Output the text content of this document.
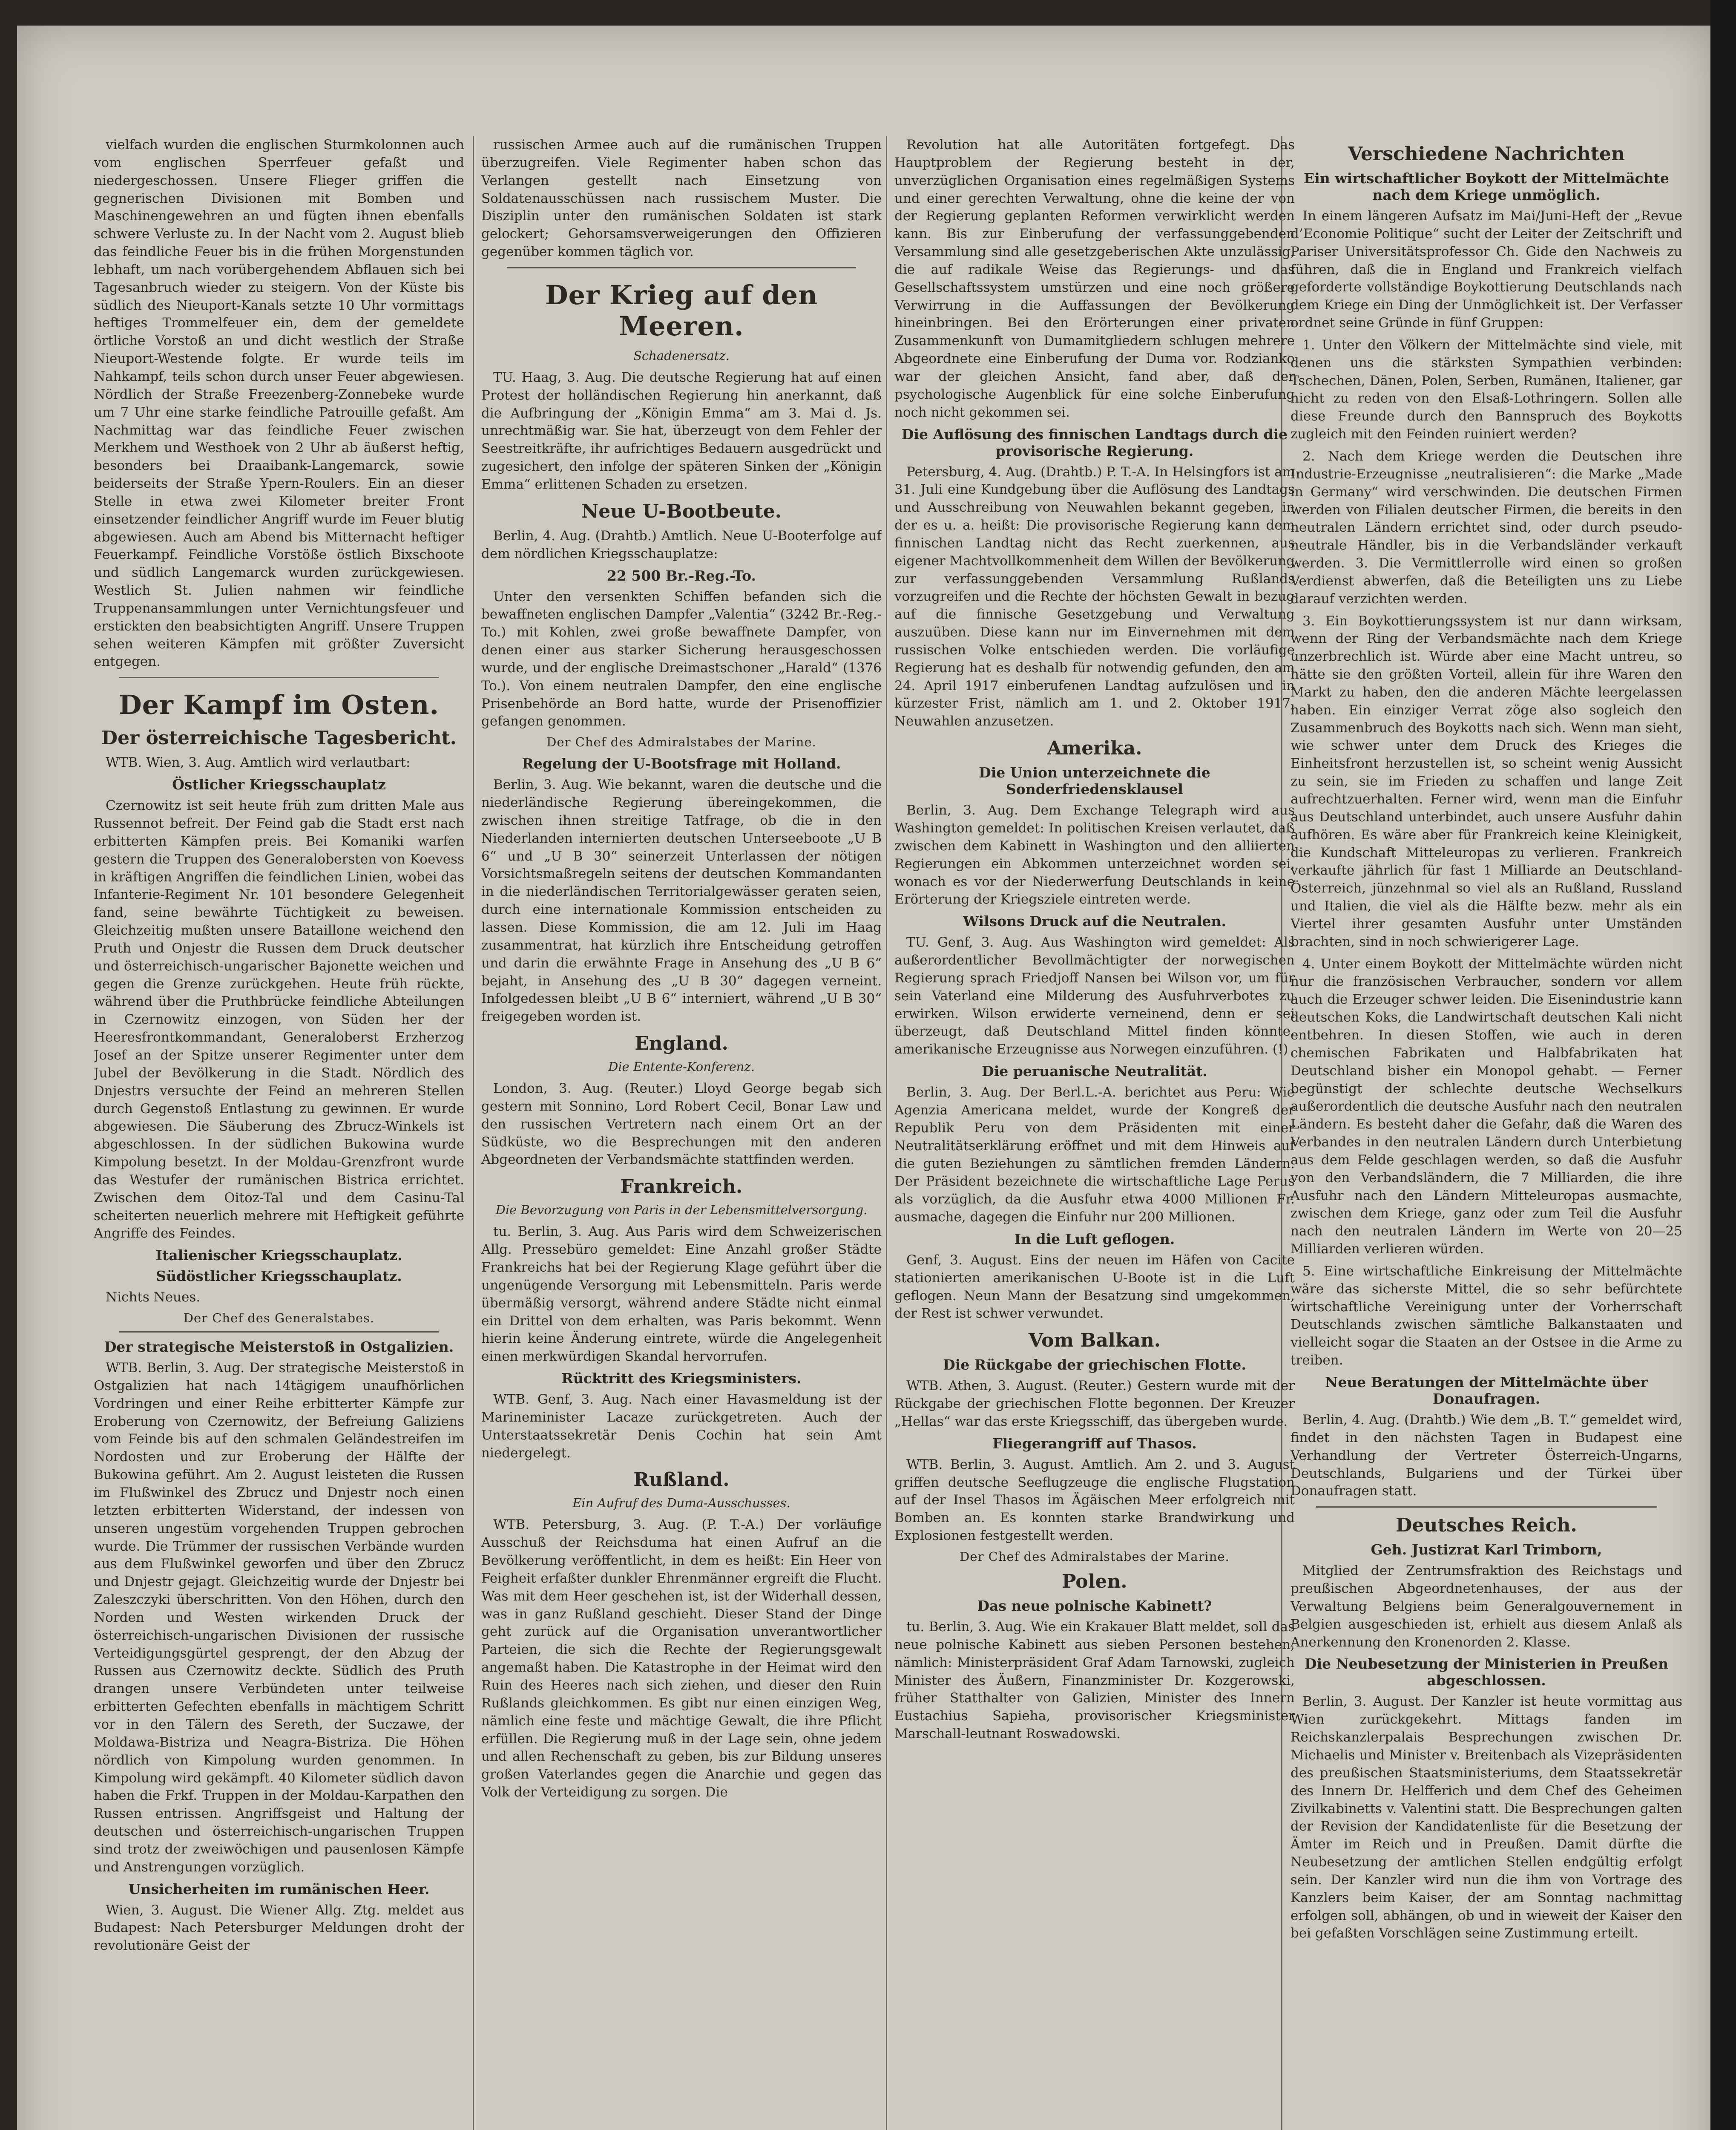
vielfach wurden die englischen Sturmkolonnen auch vom englischen Sperrfeuer gefaßt und niedergeschossen. Unsere Flieger griffen die gegnerischen Divisionen mit Bomben und Maschinengewehren an und fügten ihnen ebenfalls schwere Verluste zu. In der Nacht vom 2. August blieb das feindliche Feuer bis in die frühen Morgenstunden lebhaft, um nach vorübergehendem Abflauen sich bei Tagesanbruch wieder zu steigern. Von der Küste bis südlich des Nieuport-Kanals setzte 10 Uhr vormittags heftiges Trommelfeuer ein, dem der gemeldete örtliche Vorstoß an und dicht westlich der Straße Nieuport-Westende folgte. Er wurde teils im Nahkampf, teils schon durch unser Feuer abgewiesen. Nördlich der Straße Freezenberg-Zonnebeke wurde um 7 Uhr eine starke feindliche Patrouille gefaßt. Am Nachmittag war das feindliche Feuer zwischen Merkhem und Westhoek von 2 Uhr ab äußerst heftig, besonders bei Draaibank-Langemarck, sowie beiderseits der Straße Ypern-Roulers. Ein an dieser Stelle in etwa zwei Kilometer breiter Front einsetzender feindlicher Angriff wurde im Feuer blutig abgewiesen. Auch am Abend bis Mitternacht heftiger Feuerkampf. Feindliche Vorstöße östlich Bixschoote und südlich Langemarck wurden zurückgewiesen. Westlich St. Julien nahmen wir feindliche Truppenansammlungen unter Vernichtungsfeuer und erstickten den beabsichtigten Angriff. Unsere Truppen sehen weiteren Kämpfen mit größter Zuversicht entgegen.

Der Kampf im Osten.
Der österreichische Tagesbericht.

WTB. Wien, 3. Aug. Amtlich wird verlautbart:

Östlicher Kriegsschauplatz

Czernowitz ist seit heute früh zum dritten Male aus Russennot befreit. Der Feind gab die Stadt erst nach erbitterten Kämpfen preis. Bei Komaniki warfen gestern die Truppen des Generalobersten von Koevess in kräftigen Angriffen die feindlichen Linien, wobei das Infanterie-Regiment Nr. 101 besondere Gelegenheit fand, seine bewährte Tüchtigkeit zu beweisen. Gleichzeitig mußten unsere Bataillone weichend den Pruth und Onjestr die Russen dem Druck deutscher und österreichisch-ungarischer Bajonette weichen und gegen die Grenze zurückgehen. Heute früh rückte, während über die Pruthbrücke feindliche Abteilungen in Czernowitz einzogen, von Süden her der Heeresfrontkommandant, Generaloberst Erzherzog Josef an der Spitze unserer Regimenter unter dem Jubel der Bevölkerung in die Stadt. Nördlich des Dnjestrs versuchte der Feind an mehreren Stellen durch Gegenstoß Entlastung zu gewinnen. Er wurde abgewiesen. Die Säuberung des Zbrucz-Winkels ist abgeschlossen. In der südlichen Bukowina wurde Kimpolung besetzt. In der Moldau-Grenzfront wurde das Westufer der rumänischen Bistrica errichtet. Zwischen dem Oitoz-Tal und dem Casinu-Tal scheiterten neuerlich mehrere mit Heftigkeit geführte Angriffe des Feindes.

Italienischer Kriegsschauplatz.
Südöstlicher Kriegsschauplatz.

Nichts Neues.

Der Chef des Generalstabes.
Der strategische Meisterstoß in Ostgalizien.

WTB. Berlin, 3. Aug. Der strategische Meisterstoß in Ostgalizien hat nach 14tägigem unaufhörlichen Vordringen und einer Reihe erbitterter Kämpfe zur Eroberung von Czernowitz, der Befreiung Galiziens vom Feinde bis auf den schmalen Geländestreifen im Nordosten und zur Eroberung der Hälfte der Bukowina geführt. Am 2. August leisteten die Russen im Flußwinkel des Zbrucz und Dnjestr noch einen letzten erbitterten Widerstand, der indessen von unseren ungestüm vorgehenden Truppen gebrochen wurde. Die Trümmer der russischen Verbände wurden aus dem Flußwinkel geworfen und über den Zbrucz und Dnjestr gejagt. Gleichzeitig wurde der Dnjestr bei Zaleszczyki überschritten. Von den Höhen, durch den Norden und Westen wirkenden Druck der österreichisch-ungarischen Divisionen der russische Verteidigungsgürtel gesprengt, der den Abzug der Russen aus Czernowitz deckte. Südlich des Pruth drangen unsere Verbündeten unter teilweise erbitterten Gefechten ebenfalls in mächtigem Schritt vor in den Tälern des Sereth, der Suczawe, der Moldawa-Bistriza und Neagra-Bistriza. Die Höhen nördlich von Kimpolung wurden genommen. In Kimpolung wird gekämpft. 40 Kilometer südlich davon haben die Frkf. Truppen in der Moldau-Karpathen den Russen entrissen. Angriffsgeist und Haltung der deutschen und österreichisch-ungarischen Truppen sind trotz der zweiwöchigen und pausenlosen Kämpfe und Anstrengungen vorzüglich.

Unsicherheiten im rumänischen Heer.

Wien, 3. August. Die Wiener Allg. Ztg. meldet aus Budapest: Nach Petersburger Meldungen droht der revolutionäre Geist der

russischen Armee auch auf die rumänischen Truppen überzugreifen. Viele Regimenter haben schon das Verlangen gestellt nach Einsetzung von Soldatenausschüssen nach russischem Muster. Die Disziplin unter den rumänischen Soldaten ist stark gelockert; Gehorsamsverweigerungen den Offizieren gegenüber kommen täglich vor.

Der Krieg auf den Meeren.
Schadenersatz.

TU. Haag, 3. Aug. Die deutsche Regierung hat auf einen Protest der holländischen Regierung hin anerkannt, daß die Aufbringung der „Königin Emma“ am 3. Mai d. Js. unrechtmäßig war. Sie hat, überzeugt von dem Fehler der Seestreitkräfte, ihr aufrichtiges Bedauern ausgedrückt und zugesichert, den infolge der späteren Sinken der „Königin Emma“ erlittenen Schaden zu ersetzen.

Neue U-Bootbeute.

Berlin, 4. Aug. (Drahtb.) Amtlich. Neue U-Booterfolge auf dem nördlichen Kriegsschauplatze:

22 500 Br.-Reg.-To.

Unter den versenkten Schiffen befanden sich die bewaffneten englischen Dampfer „Valentia“ (3242 Br.-Reg.-To.) mit Kohlen, zwei große bewaffnete Dampfer, von denen einer aus starker Sicherung herausgeschossen wurde, und der englische Dreimastschoner „Harald“ (1376 To.). Von einem neutralen Dampfer, den eine englische Prisenbehörde an Bord hatte, wurde der Prisenoffizier gefangen genommen.

Der Chef des Admiralstabes der Marine.
Regelung der U-Bootsfrage mit Holland.

Berlin, 3. Aug. Wie bekannt, waren die deutsche und die niederländische Regierung übereingekommen, die zwischen ihnen streitige Tatfrage, ob die in den Niederlanden internierten deutschen Unterseeboote „U B 6“ und „U B 30“ seinerzeit Unterlassen der nötigen Vorsichtsmaßregeln seitens der deutschen Kommandanten in die niederländischen Territorialgewässer geraten seien, durch eine internationale Kommission entscheiden zu lassen. Diese Kommission, die am 12. Juli im Haag zusammentrat, hat kürzlich ihre Entscheidung getroffen und darin die erwähnte Frage in Ansehung des „U B 6“ bejaht, in Ansehung des „U B 30“ dagegen verneint. Infolgedessen bleibt „U B 6“ interniert, während „U B 30“ freigegeben worden ist.

England.
Die Entente-Konferenz.

London, 3. Aug. (Reuter.) Lloyd George begab sich gestern mit Sonnino, Lord Robert Cecil, Bonar Law und den russischen Vertretern nach einem Ort an der Südküste, wo die Besprechungen mit den anderen Abgeordneten der Verbandsmächte stattfinden werden.

Frankreich.
Die Bevorzugung von Paris in der Lebensmittelversorgung.

tu. Berlin, 3. Aug. Aus Paris wird dem Schweizerischen Allg. Pressebüro gemeldet: Eine Anzahl großer Städte Frankreichs hat bei der Regierung Klage geführt über die ungenügende Versorgung mit Lebensmitteln. Paris werde übermäßig versorgt, während andere Städte nicht einmal ein Drittel von dem erhalten, was Paris bekommt. Wenn hierin keine Änderung eintrete, würde die Angelegenheit einen merkwürdigen Skandal hervorrufen.

Rücktritt des Kriegsministers.

WTB. Genf, 3. Aug. Nach einer Havasmeldung ist der Marineminister Lacaze zurückgetreten. Auch der Unterstaatssekretär Denis Cochin hat sein Amt niedergelegt.

Rußland.
Ein Aufruf des Duma-Ausschusses.

WTB. Petersburg, 3. Aug. (P. T.-A.) Der vorläufige Ausschuß der Reichsduma hat einen Aufruf an die Bevölkerung veröffentlicht, in dem es heißt: Ein Heer von Feigheit erfaßter dunkler Ehrenmänner ergreift die Flucht. Was mit dem Heer geschehen ist, ist der Widerhall dessen, was in ganz Rußland geschieht. Dieser Stand der Dinge geht zurück auf die Organisation unverantwortlicher Parteien, die sich die Rechte der Regierungsgewalt angemaßt haben. Die Katastrophe in der Heimat wird den Ruin des Heeres nach sich ziehen, und dieser den Ruin Rußlands gleichkommen. Es gibt nur einen einzigen Weg, nämlich eine feste und mächtige Gewalt, die ihre Pflicht erfüllen. Die Regierung muß in der Lage sein, ohne jedem und allen Rechenschaft zu geben, bis zur Bildung unseres großen Vaterlandes gegen die Anarchie und gegen das Volk der Verteidigung zu sorgen. Die

Revolution hat alle Autoritäten fortgefegt. Das Hauptproblem der Regierung besteht in der, unverzüglichen Organisation eines regelmäßigen Systems und einer gerechten Verwaltung, ohne die keine der von der Regierung geplanten Reformen verwirklicht werden kann. Bis zur Einberufung der verfassunggebenden Versammlung sind alle gesetzgeberischen Akte unzulässig, die auf radikale Weise das Regierungs- und das Gesellschaftssystem umstürzen und eine noch größere Verwirrung in die Auffassungen der Bevölkerung hineinbringen. Bei den Erörterungen einer privaten Zusammenkunft von Dumamitgliedern schlugen mehrere Abgeordnete eine Einberufung der Duma vor. Rodzianko war der gleichen Ansicht, fand aber, daß der psychologische Augenblick für eine solche Einberufung noch nicht gekommen sei.

Die Auflösung des finnischen Landtags durch die provisorische Regierung.

Petersburg, 4. Aug. (Drahtb.) P. T.-A. In Helsingfors ist am 31. Juli eine Kundgebung über die Auflösung des Landtags und Ausschreibung von Neuwahlen bekannt gegeben, in der es u. a. heißt: Die provisorische Regierung kann dem finnischen Landtag nicht das Recht zuerkennen, aus eigener Machtvollkommenheit dem Willen der Bevölkerung zur verfassunggebenden Versammlung Rußlands vorzugreifen und die Rechte der höchsten Gewalt in bezug auf die finnische Gesetzgebung und Verwaltung auszuüben. Diese kann nur im Einvernehmen mit dem russischen Volke entschieden werden. Die vorläufige Regierung hat es deshalb für notwendig gefunden, den am 24. April 1917 einberufenen Landtag aufzulösen und in kürzester Frist, nämlich am 1. und 2. Oktober 1917, Neuwahlen anzusetzen.

Amerika.
Die Union unterzeichnete die Sonderfriedensklausel

Berlin, 3. Aug. Dem Exchange Telegraph wird aus Washington gemeldet: In politischen Kreisen verlautet, daß zwischen dem Kabinett in Washington und den alliierten Regierungen ein Abkommen unterzeichnet worden sei, wonach es vor der Niederwerfung Deutschlands in keine Erörterung der Kriegsziele eintreten werde.

Wilsons Druck auf die Neutralen.

TU. Genf, 3. Aug. Aus Washington wird gemeldet: Als außerordentlicher Bevollmächtigter der norwegischen Regierung sprach Friedjoff Nansen bei Wilson vor, um für sein Vaterland eine Milderung des Ausfuhrverbotes zu erwirken. Wilson erwiderte verneinend, denn er sei überzeugt, daß Deutschland Mittel finden könnte, amerikanische Erzeugnisse aus Norwegen einzuführen. (!)

Die peruanische Neutralität.

Berlin, 3. Aug. Der Berl.L.-A. berichtet aus Peru: Wie Agenzia Americana meldet, wurde der Kongreß der Republik Peru von dem Präsidenten mit einer Neutralitätserklärung eröffnet und mit dem Hinweis auf die guten Beziehungen zu sämtlichen fremden Ländern. Der Präsident bezeichnete die wirtschaftliche Lage Perus als vorzüglich, da die Ausfuhr etwa 4000 Millionen Fr. ausmache, dagegen die Einfuhr nur 200 Millionen.

In die Luft geflogen.

Genf, 3. August. Eins der neuen im Häfen von Cacite stationierten amerikanischen U-Boote ist in die Luft geflogen. Neun Mann der Besatzung sind umgekommen, der Rest ist schwer verwundet.

Vom Balkan.
Die Rückgabe der griechischen Flotte.

WTB. Athen, 3. August. (Reuter.) Gestern wurde mit der Rückgabe der griechischen Flotte begonnen. Der Kreuzer „Hellas“ war das erste Kriegsschiff, das übergeben wurde.

Fliegerangriff auf Thasos.

WTB. Berlin, 3. August. Amtlich. Am 2. und 3. August griffen deutsche Seeflugzeuge die englische Flugstation auf der Insel Thasos im Ägäischen Meer erfolgreich mit Bomben an. Es konnten starke Brandwirkung und Explosionen festgestellt werden.

Der Chef des Admiralstabes der Marine.
Polen.
Das neue polnische Kabinett?

tu. Berlin, 3. Aug. Wie ein Krakauer Blatt meldet, soll das neue polnische Kabinett aus sieben Personen bestehen, nämlich: Ministerpräsident Graf Adam Tarnowski, zugleich Minister des Äußern, Finanzminister Dr. Kozgerowski, früher Statthalter von Galizien, Minister des Innern Eustachius Sapieha, provisorischer Kriegsminister Marschall-leutnant Roswadowski.

Verschiedene Nachrichten
Ein wirtschaftlicher Boykott der Mittelmächte nach dem Kriege unmöglich.

In einem längeren Aufsatz im Mai/Juni-Heft der „Revue d’Economie Politique“ sucht der Leiter der Zeitschrift und Pariser Universitätsprofessor Ch. Gide den Nachweis zu führen, daß die in England und Frankreich vielfach geforderte vollständige Boykottierung Deutschlands nach dem Kriege ein Ding der Unmöglichkeit ist. Der Verfasser ordnet seine Gründe in fünf Gruppen:

1. Unter den Völkern der Mittelmächte sind viele, mit denen uns die stärksten Sympathien verbinden: Tschechen, Dänen, Polen, Serben, Rumänen, Italiener, gar nicht zu reden von den Elsaß-Lothringern. Sollen alle diese Freunde durch den Bannspruch des Boykotts zugleich mit den Feinden ruiniert werden?

2. Nach dem Kriege werden die Deutschen ihre Industrie-Erzeugnisse „neutralisieren“: die Marke „Made in Germany“ wird verschwinden. Die deutschen Firmen werden von Filialen deutscher Firmen, die bereits in den neutralen Ländern errichtet sind, oder durch pseudo-neutrale Händler, bis in die Verbandsländer verkauft werden. 3. Die Vermittlerrolle wird einen so großen Verdienst abwerfen, daß die Beteiligten uns zu Liebe darauf verzichten werden.

3. Ein Boykottierungssystem ist nur dann wirksam, wenn der Ring der Verbandsmächte nach dem Kriege unzerbrechlich ist. Würde aber eine Macht untreu, so hätte sie den größten Vorteil, allein für ihre Waren den Markt zu haben, den die anderen Mächte leergelassen haben. Ein einziger Verrat zöge also sogleich den Zusammenbruch des Boykotts nach sich. Wenn man sieht, wie schwer unter dem Druck des Krieges die Einheitsfront herzustellen ist, so scheint wenig Aussicht zu sein, sie im Frieden zu schaffen und lange Zeit aufrechtzuerhalten. Ferner wird, wenn man die Einfuhr aus Deutschland unterbindet, auch unsere Ausfuhr dahin aufhören. Es wäre aber für Frankreich keine Kleinigkeit, die Kundschaft Mitteleuropas zu verlieren. Frankreich verkaufte jährlich für fast 1 Milliarde an Deutschland-Österreich, jünzehnmal so viel als an Rußland, Russland und Italien, die viel als die Hälfte bezw. mehr als ein Viertel ihrer gesamten Ausfuhr unter Umständen brachten, sind in noch schwierigerer Lage.

4. Unter einem Boykott der Mittelmächte würden nicht nur die französischen Verbraucher, sondern vor allem auch die Erzeuger schwer leiden. Die Eisenindustrie kann deutschen Koks, die Landwirtschaft deutschen Kali nicht entbehren. In diesen Stoffen, wie auch in deren chemischen Fabrikaten und Halbfabrikaten hat Deutschland bisher ein Monopol gehabt. — Ferner begünstigt der schlechte deutsche Wechselkurs außerordentlich die deutsche Ausfuhr nach den neutralen Ländern. Es besteht daher die Gefahr, daß die Waren des Verbandes in den neutralen Ländern durch Unterbietung aus dem Felde geschlagen werden, so daß die Ausfuhr von den Verbandsländern, die 7 Milliarden, die ihre Ausfuhr nach den Ländern Mitteleuropas ausmachte, zwischen dem Kriege, ganz oder zum Teil die Ausfuhr nach den neutralen Ländern im Werte von 20—25 Milliarden verlieren würden.

5. Eine wirtschaftliche Einkreisung der Mittelmächte wäre das sicherste Mittel, die so sehr befürchtete wirtschaftliche Vereinigung unter der Vorherrschaft Deutschlands zwischen sämtliche Balkanstaaten und vielleicht sogar die Staaten an der Ostsee in die Arme zu treiben.

Neue Beratungen der Mittelmächte über Donaufragen.

Berlin, 4. Aug. (Drahtb.) Wie dem „B. T.“ gemeldet wird, findet in den nächsten Tagen in Budapest eine Verhandlung der Vertreter Österreich-Ungarns, Deutschlands, Bulgariens und der Türkei über Donaufragen statt.

Deutsches Reich.
Geh. Justizrat Karl Trimborn,

Mitglied der Zentrumsfraktion des Reichstags und preußischen Abgeordnetenhauses, der aus der Verwaltung Belgiens beim Generalgouvernement in Belgien ausgeschieden ist, erhielt aus diesem Anlaß als Anerkennung den Kronenorden 2. Klasse.

Die Neubesetzung der Ministerien in Preußen abgeschlossen.

Berlin, 3. August. Der Kanzler ist heute vormittag aus Wien zurückgekehrt. Mittags fanden im Reichskanzlerpalais Besprechungen zwischen Dr. Michaelis und Minister v. Breitenbach als Vizepräsidenten des preußischen Staatsministeriums, dem Staatssekretär des Innern Dr. Helfferich und dem Chef des Geheimen Zivilkabinetts v. Valentini statt. Die Besprechungen galten der Revision der Kandidatenliste für die Besetzung der Ämter im Reich und in Preußen. Damit dürfte die Neubesetzung der amtlichen Stellen endgültig erfolgt sein. Der Kanzler wird nun die ihm von Vortrage des Kanzlers beim Kaiser, der am Sonntag nachmittag erfolgen soll, abhängen, ob und in wieweit der Kaiser den bei gefaßten Vorschlägen seine Zustimmung erteilt.
